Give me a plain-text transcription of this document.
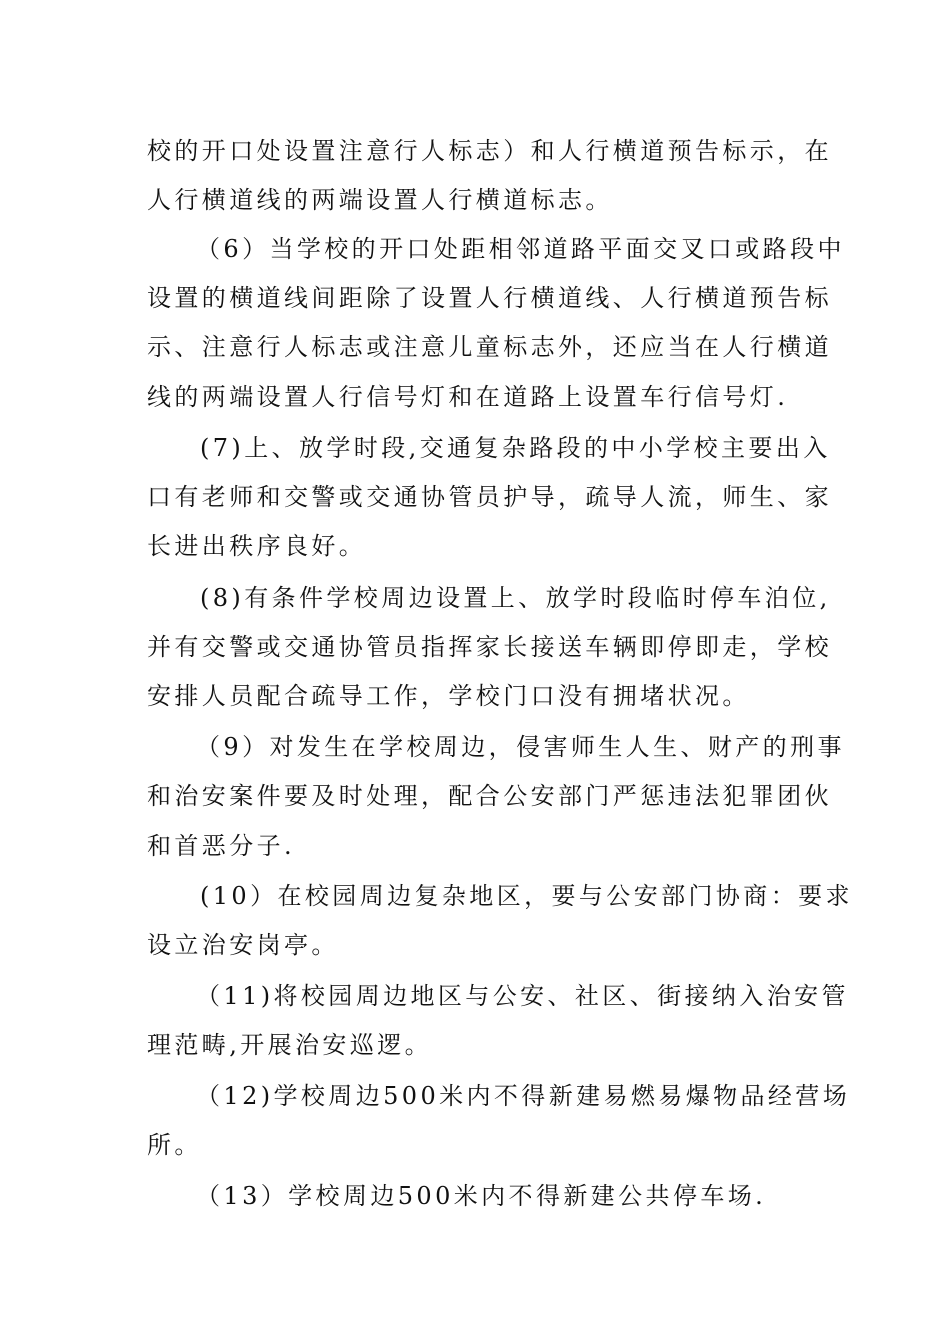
校的开口处设置注意行人标志）和人行横道预告标示，在
人行横道线的两端设置人行横道标志。
（6）当学校的开口处距相邻道路平面交叉口或路段中
设置的横道线间距除了设置人行横道线、人行横道预告标
示、注意行人标志或注意儿童标志外，还应当在人行横道
线的两端设置人行信号灯和在道路上设置车行信号灯.
(7)上、放学时段,交通复杂路段的中小学校主要出入
口有老师和交警或交通协管员护导，疏导人流，师生、家
长进出秩序良好。
(8)有条件学校周边设置上、放学时段临时停车泊位,
并有交警或交通协管员指挥家长接送车辆即停即走，学校
安排人员配合疏导工作，学校门口没有拥堵状况。
（9）对发生在学校周边，侵害师生人生、财产的刑事
和治安案件要及时处理，配合公安部门严惩违法犯罪团伙
和首恶分子.
(10）在校园周边复杂地区，要与公安部门协商：要求
设立治安岗亭。
（11)将校园周边地区与公安、社区、街接纳入治安管
理范畴,开展治安巡逻。
（12)学校周边500米内不得新建易燃易爆物品经营场
所。
（13）学校周边500米内不得新建公共停车场.
